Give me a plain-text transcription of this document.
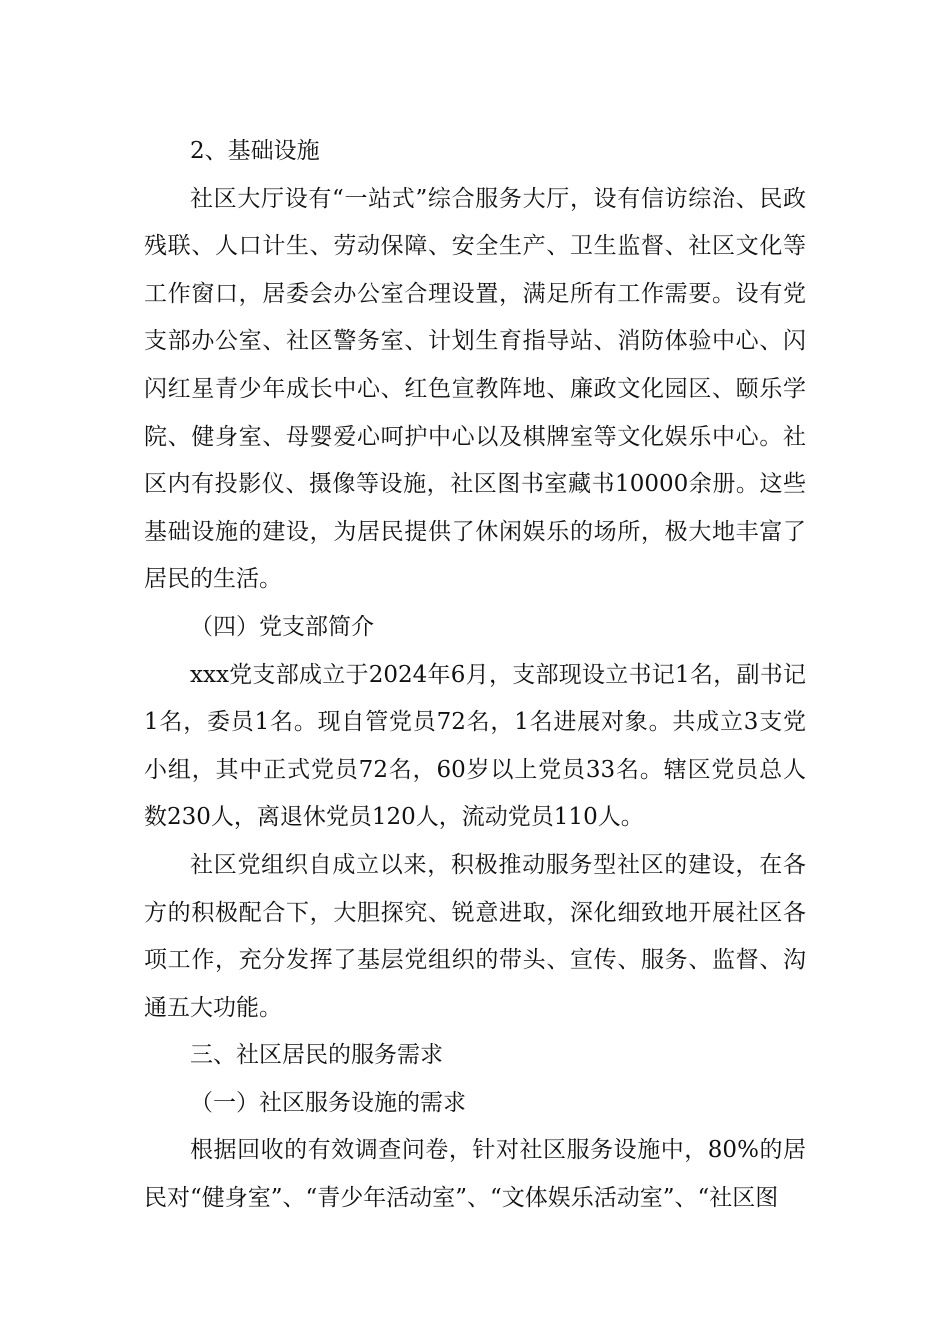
2、基础设施

社区大厅设有“一站式”综合服务大厅，设有信访综治、民政残联、人口计生、劳动保障、安全生产、卫生监督、社区文化等工作窗口，居委会办公室合理设置，满足所有工作需要。设有党支部办公室、社区警务室、计划生育指导站、消防体验中心、闪闪红星青少年成长中心、红色宣教阵地、廉政文化园区、颐乐学院、健身室、母婴爱心呵护中心以及棋牌室等文化娱乐中心。社区内有投影仪、摄像等设施，社区图书室藏书10000余册。这些基础设施的建设，为居民提供了休闲娱乐的场所，极大地丰富了居民的生活。

（四）党支部简介

xxx党支部成立于2024年6月，支部现设立书记1名，副书记1名，委员1名。现自管党员72名，1名进展对象。共成立3支党小组，其中正式党员72名，60岁以上党员33名。辖区党员总人数230人，离退休党员120人，流动党员110人。

社区党组织自成立以来，积极推动服务型社区的建设，在各方的积极配合下，大胆探究、锐意进取，深化细致地开展社区各项工作，充分发挥了基层党组织的带头、宣传、服务、监督、沟通五大功能。

三、社区居民的服务需求

（一）社区服务设施的需求

根据回收的有效调查问卷，针对社区服务设施中，80%的居民对“健身室”、“青少年活动室”、“文体娱乐活动室”、“社区图
